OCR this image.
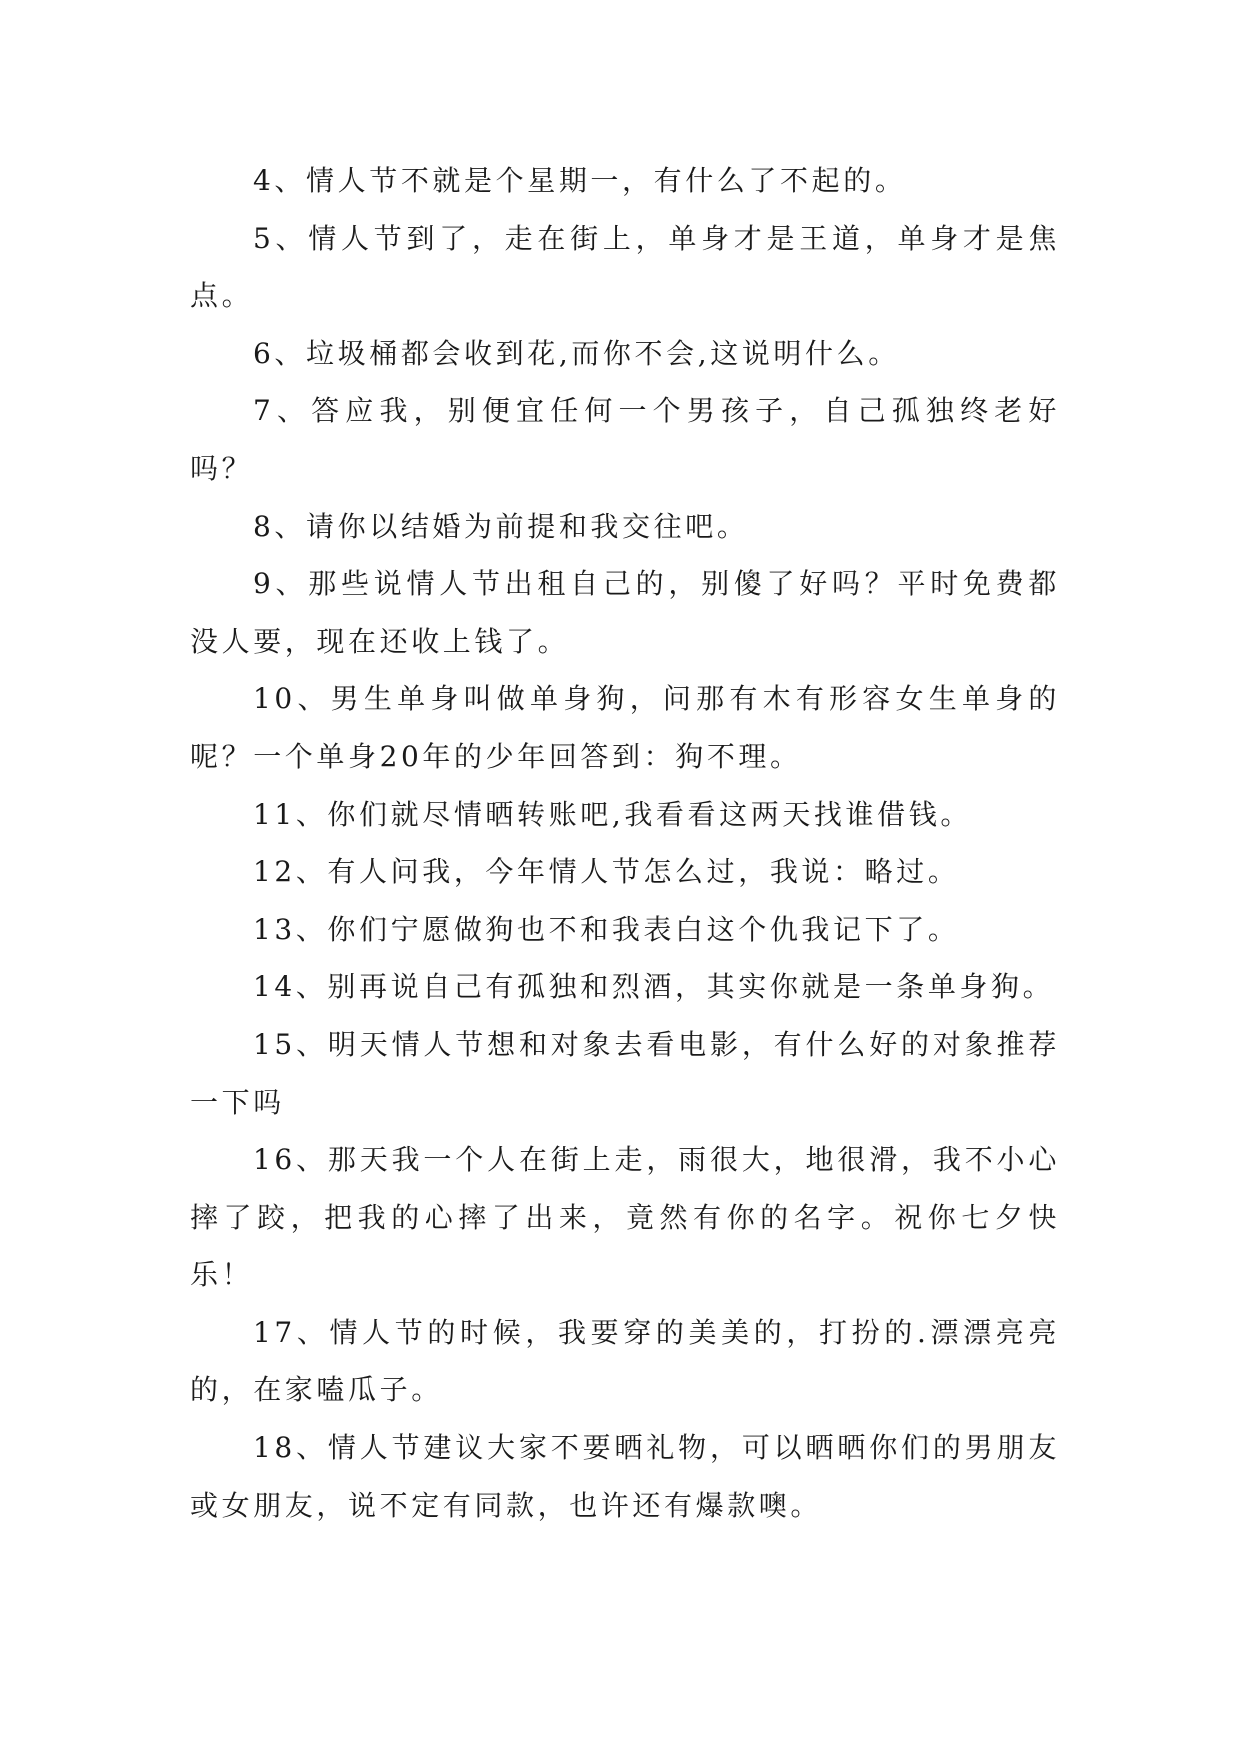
4、情人节不就是个星期一，有什么了不起的。

5、情人节到了，走在街上，单身才是王道，单身才是焦点。

6、垃圾桶都会收到花,而你不会,这说明什么。

7、答应我，别便宜任何一个男孩子，自己孤独终老好吗？

8、请你以结婚为前提和我交往吧。

9、那些说情人节出租自己的，别傻了好吗？平时免费都没人要，现在还收上钱了。

10、男生单身叫做单身狗，问那有木有形容女生单身的呢？一个单身20年的少年回答到：狗不理。

11、你们就尽情晒转账吧,我看看这两天找谁借钱。

12、有人问我，今年情人节怎么过，我说：略过。

13、你们宁愿做狗也不和我表白这个仇我记下了。

14、别再说自己有孤独和烈酒，其实你就是一条单身狗。

15、明天情人节想和对象去看电影，有什么好的对象推荐一下吗

16、那天我一个人在街上走，雨很大，地很滑，我不小心摔了跤，把我的心摔了出来，竟然有你的名字。祝你七夕快乐！

17、情人节的时候，我要穿的美美的，打扮的.漂漂亮亮的，在家嗑瓜子。

18、情人节建议大家不要晒礼物，可以晒晒你们的男朋友或女朋友，说不定有同款，也许还有爆款噢。
